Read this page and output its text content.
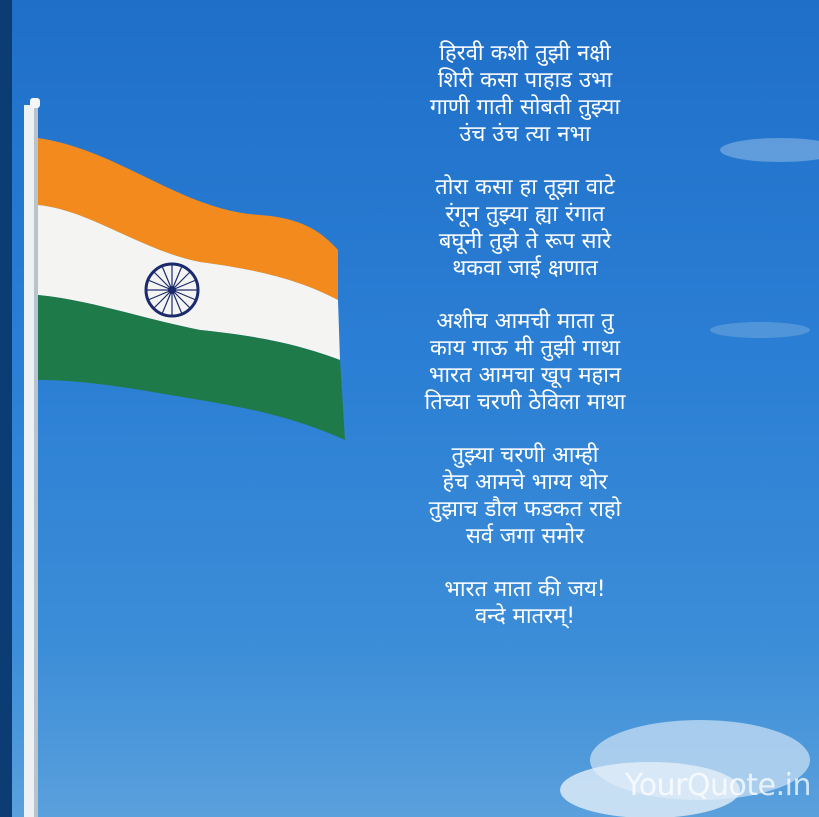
हिरवी कशी तुझी नक्षी
शिरी कसा पाहाड उभा
गाणी गाती सोबती तुझ्या
उंच उंच त्या नभा
तोरा कसा हा तूझा वाटे
रंगून तुझ्या ह्या रंगात
बघूनी तुझे ते रूप सारे
थकवा जाई क्षणात
अशीच आमची माता तु
काय गाऊ मी तुझी गाथा
भारत आमचा खूप महान
तिच्या चरणी ठेविला माथा
तुझ्या चरणी आम्ही
हेच आमचे भाग्य थोर
तुझाच डौल फडकत राहो
सर्व जगा समोर
भारत माता की जय!
वन्दे मातरम्!
YourQuote.in
